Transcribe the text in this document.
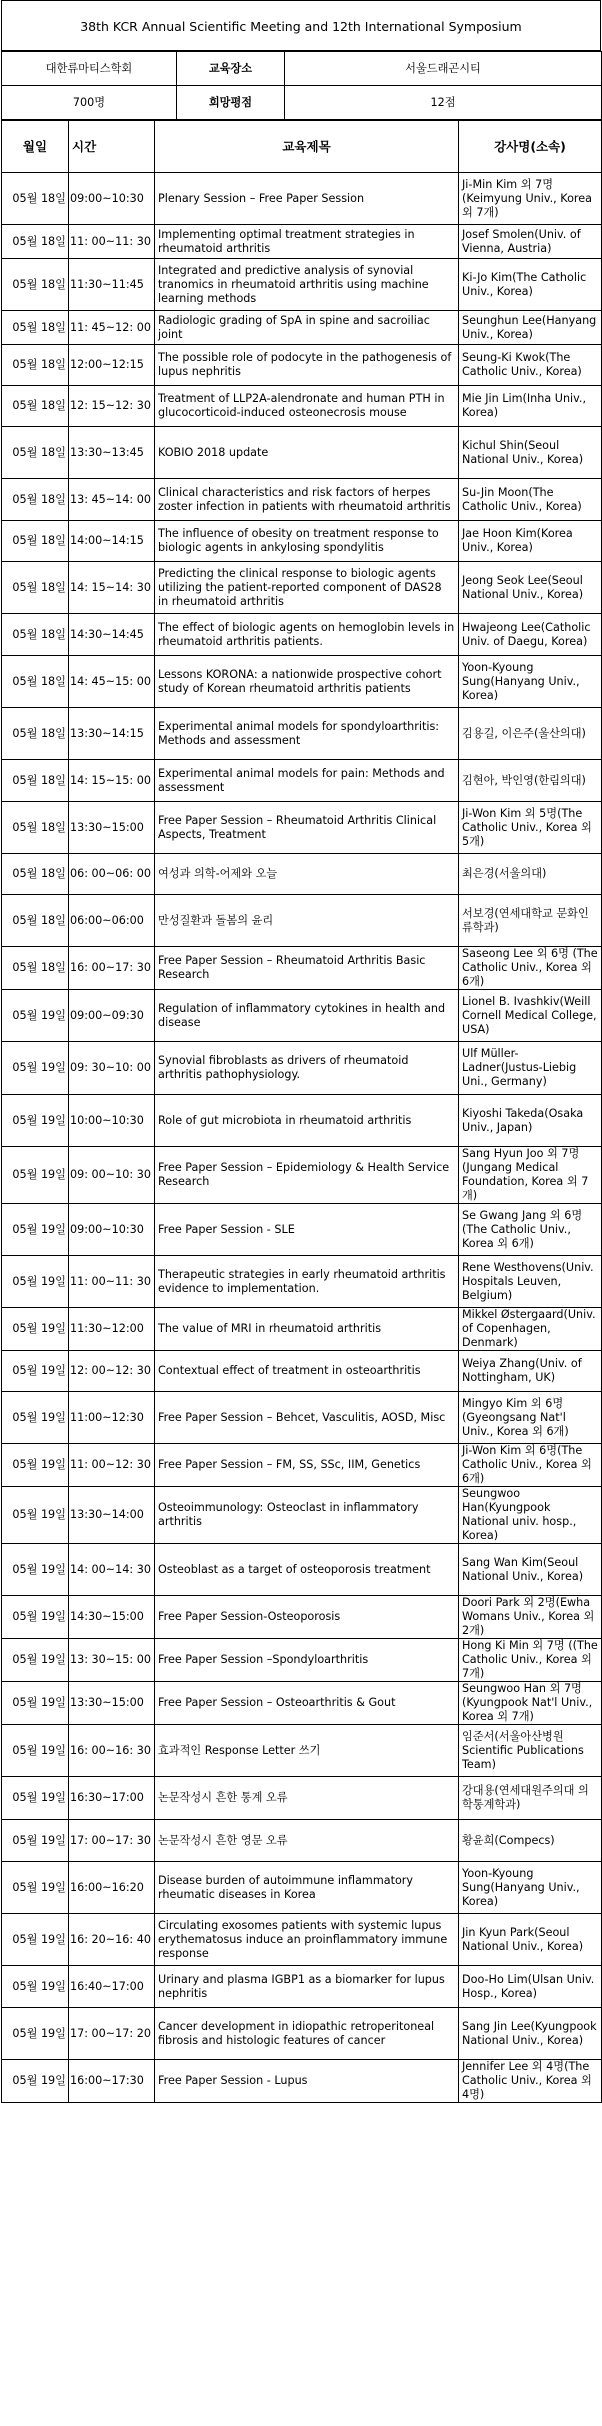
38th KCR Annual Scientific Meeting and 12th International Symposium
대한류마티스학회	교육장소	서울드래곤시티
700명	희망평점	12점
월일	시간	교육제목	강사명(소속)
05월 18일	09:00~10:30	Plenary Session – Free Paper Session	Ji-Min Kim 외 7명 (Keimyung Univ., Korea 외 7개)
05월 18일	11: 00~11: 30	Implementing optimal treatment strategies in rheumatoid arthritis	Josef Smolen(Univ. of Vienna, Austria)
05월 18일	11:30~11:45	Integrated and predictive analysis of synovial tranomics in rheumatoid arthritis using machine learning methods	Ki-Jo Kim(The Catholic Univ., Korea)
05월 18일	11: 45~12: 00	Radiologic grading of SpA in spine and sacroiliac joint	Seunghun Lee(Hanyang Univ., Korea)
05월 18일	12:00~12:15	The possible role of podocyte in the pathogenesis of lupus nephritis	Seung-Ki Kwok(The Catholic Univ., Korea)
05월 18일	12: 15~12: 30	Treatment of LLP2A-alendronate and human PTH in glucocorticoid-induced osteonecrosis mouse	Mie Jin Lim(Inha Univ., Korea)
05월 18일	13:30~13:45	KOBIO 2018 update	Kichul Shin(Seoul National Univ., Korea)
05월 18일	13: 45~14: 00	Clinical characteristics and risk factors of herpes zoster infection in patients with rheumatoid arthritis	Su-Jin Moon(The Catholic Univ., Korea)
05월 18일	14:00~14:15	The influence of obesity on treatment response to biologic agents in ankylosing spondylitis	Jae Hoon Kim(Korea Univ., Korea)
05월 18일	14: 15~14: 30	Predicting the clinical response to biologic agents utilizing the patient-reported component of DAS28 in rheumatoid arthritis	Jeong Seok Lee(Seoul National Univ., Korea)
05월 18일	14:30~14:45	The effect of biologic agents on hemoglobin levels in rheumatoid arthritis patients.	Hwajeong Lee(Catholic Univ. of Daegu, Korea)
05월 18일	14: 45~15: 00	Lessons KORONA: a nationwide prospective cohort study of Korean rheumatoid arthritis patients	Yoon-Kyoung Sung(Hanyang Univ., Korea)
05월 18일	13:30~14:15	Experimental animal models for spondyloarthritis: Methods and assessment	김용길, 이은주(울산의대)
05월 18일	14: 15~15: 00	Experimental animal models for pain: Methods and assessment	김현아, 박인영(한림의대)
05월 18일	13:30~15:00	Free Paper Session – Rheumatoid Arthritis Clinical Aspects, Treatment	Ji-Won Kim 외 5명(The Catholic Univ., Korea 외 5개)
05월 18일	06: 00~06: 00	여성과 의학-어제와 오늘	최은경(서울의대)
05월 18일	06:00~06:00	만성질환과 돌봄의 윤리	서보경(연세대학교 문화인류학과)
05월 18일	16: 00~17: 30	Free Paper Session – Rheumatoid Arthritis Basic Research	Saseong Lee 외 6명 (The Catholic Univ., Korea 외 6개)
05월 19일	09:00~09:30	Regulation of inflammatory cytokines in health and disease	Lionel B. Ivashkiv(Weill Cornell Medical College, USA)
05월 19일	09: 30~10: 00	Synovial fibroblasts as drivers of rheumatoid arthritis pathophysiology.	Ulf Müller-Ladner(Justus-Liebig Uni., Germany)
05월 19일	10:00~10:30	Role of gut microbiota in rheumatoid arthritis	Kiyoshi Takeda(Osaka Univ., Japan)
05월 19일	09: 00~10: 30	Free Paper Session – Epidemiology & Health Service Research	Sang Hyun Joo 외 7명 (Jungang Medical Foundation, Korea 외 7개)
05월 19일	09:00~10:30	Free Paper Session - SLE	Se Gwang Jang 외 6명 (The Catholic Univ., Korea 외 6개)
05월 19일	11: 00~11: 30	Therapeutic strategies in early rheumatoid arthritis evidence to implementation.	Rene Westhovens(Univ. Hospitals Leuven, Belgium)
05월 19일	11:30~12:00	The value of MRI in rheumatoid arthritis	Mikkel Østergaard(Univ. of Copenhagen, Denmark)
05월 19일	12: 00~12: 30	Contextual effect of treatment in osteoarthritis	Weiya Zhang(Univ. of Nottingham, UK)
05월 19일	11:00~12:30	Free Paper Session – Behcet, Vasculitis, AOSD, Misc	Mingyo Kim 외 6명 (Gyeongsang Nat'l Univ., Korea 외 6개)
05월 19일	11: 00~12: 30	Free Paper Session – FM, SS, SSc, IIM, Genetics	Ji-Won Kim 외 6명(The Catholic Univ., Korea 외 6개)
05월 19일	13:30~14:00	Osteoimmunology: Osteoclast in inflammatory arthritis	Seungwoo Han(Kyungpook National univ. hosp., Korea)
05월 19일	14: 00~14: 30	Osteoblast as a target of osteoporosis treatment	Sang Wan Kim(Seoul National Univ., Korea)
05월 19일	14:30~15:00	Free Paper Session-Osteoporosis	Doori Park 외 2명(Ewha Womans Univ., Korea 외 2개)
05월 19일	13: 30~15: 00	Free Paper Session –Spondyloarthritis	Hong Ki Min 외 7명 ((The Catholic Univ., Korea 외 7개)
05월 19일	13:30~15:00	Free Paper Session – Osteoarthritis & Gout	Seungwoo Han 외 7명 (Kyungpook Nat'l Univ., Korea 외 7개)
05월 19일	16: 00~16: 30	효과적인 Response Letter 쓰기	임준서(서울아산병원 Scientific Publications Team)
05월 19일	16:30~17:00	논문작성시 흔한 통계 오류	강대용(연세대원주의대 의학통계학과)
05월 19일	17: 00~17: 30	논문작성시 흔한 영문 오류	황윤희(Compecs)
05월 19일	16:00~16:20	Disease burden of autoimmune inflammatory rheumatic diseases in Korea	Yoon-Kyoung Sung(Hanyang Univ., Korea)
05월 19일	16: 20~16: 40	Circulating exosomes patients with systemic lupus erythematosus induce an proinflammatory immune response	Jin Kyun Park(Seoul National Univ., Korea)
05월 19일	16:40~17:00	Urinary and plasma IGBP1 as a biomarker for lupus nephritis	Doo-Ho Lim(Ulsan Univ. Hosp., Korea)
05월 19일	17: 00~17: 20	Cancer development in idiopathic retroperitoneal fibrosis and histologic features of cancer	Sang Jin Lee(Kyungpook National Univ., Korea)
05월 19일	16:00~17:30	Free Paper Session - Lupus	Jennifer Lee 외 4명(The Catholic Univ., Korea 외 4명)
